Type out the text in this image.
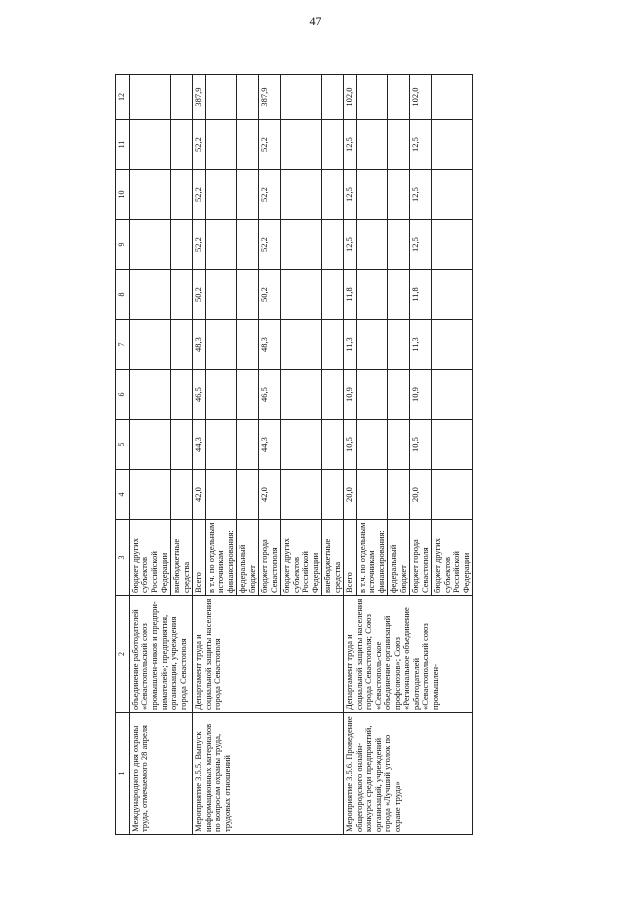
47
1	2	3	4	5	6	7	8	9	10	11	12
Международного дня охраны труда, отмечаемого 28 апреля	объединение работодателей «Севастопольский союз промышлен-ников и предпри-нимателей»; предприятия, организации, учреждения города Севастополя	бюджет других субъектов Российской Федерации									
		внебюджетные средства									
Мероприятие 3.5.5. Выпуск информационных материалов по вопросам охраны труда, трудовых отношений	Департамент труда и социальной защиты населения города Севастополя	Всего	42,0	44,3	46,5	48,3	50,2	52,2	52,2	52,2	387,9
		в т.ч. по отдельным источникам финансирования:									
		федеральный бюджет									
		бюджет города Севастополя	42,0	44,3	46,5	48,3	50,2	52,2	52,2	52,2	387,9
		бюджет других субъектов Российской Федерации									
		внебюджетные средства									
Мероприятие 3.5.6. Проведение общегородского онлайн-конкурса среди предприятий, организаций, учреждений города «Лучший уголок по охране труда»	Департамент труда и социальной защиты населения города Севастополя; Союз «Севастополь-ское объединение организаций профсоюзов»; Союз «Региональное объединение работодателей «Севастопольский союз промышлен-	Всего	20,0	10,5	10,9	11,3	11,8	12,5	12,5	12,5	102,0
		в т.ч. по отдельным источникам финансирования:									
		федеральный бюджет									
		бюджет города Севастополя	20,0	10,5	10,9	11,3	11,8	12,5	12,5	12,5	102,0
		бюджет других субъектов Российской Федерации									
